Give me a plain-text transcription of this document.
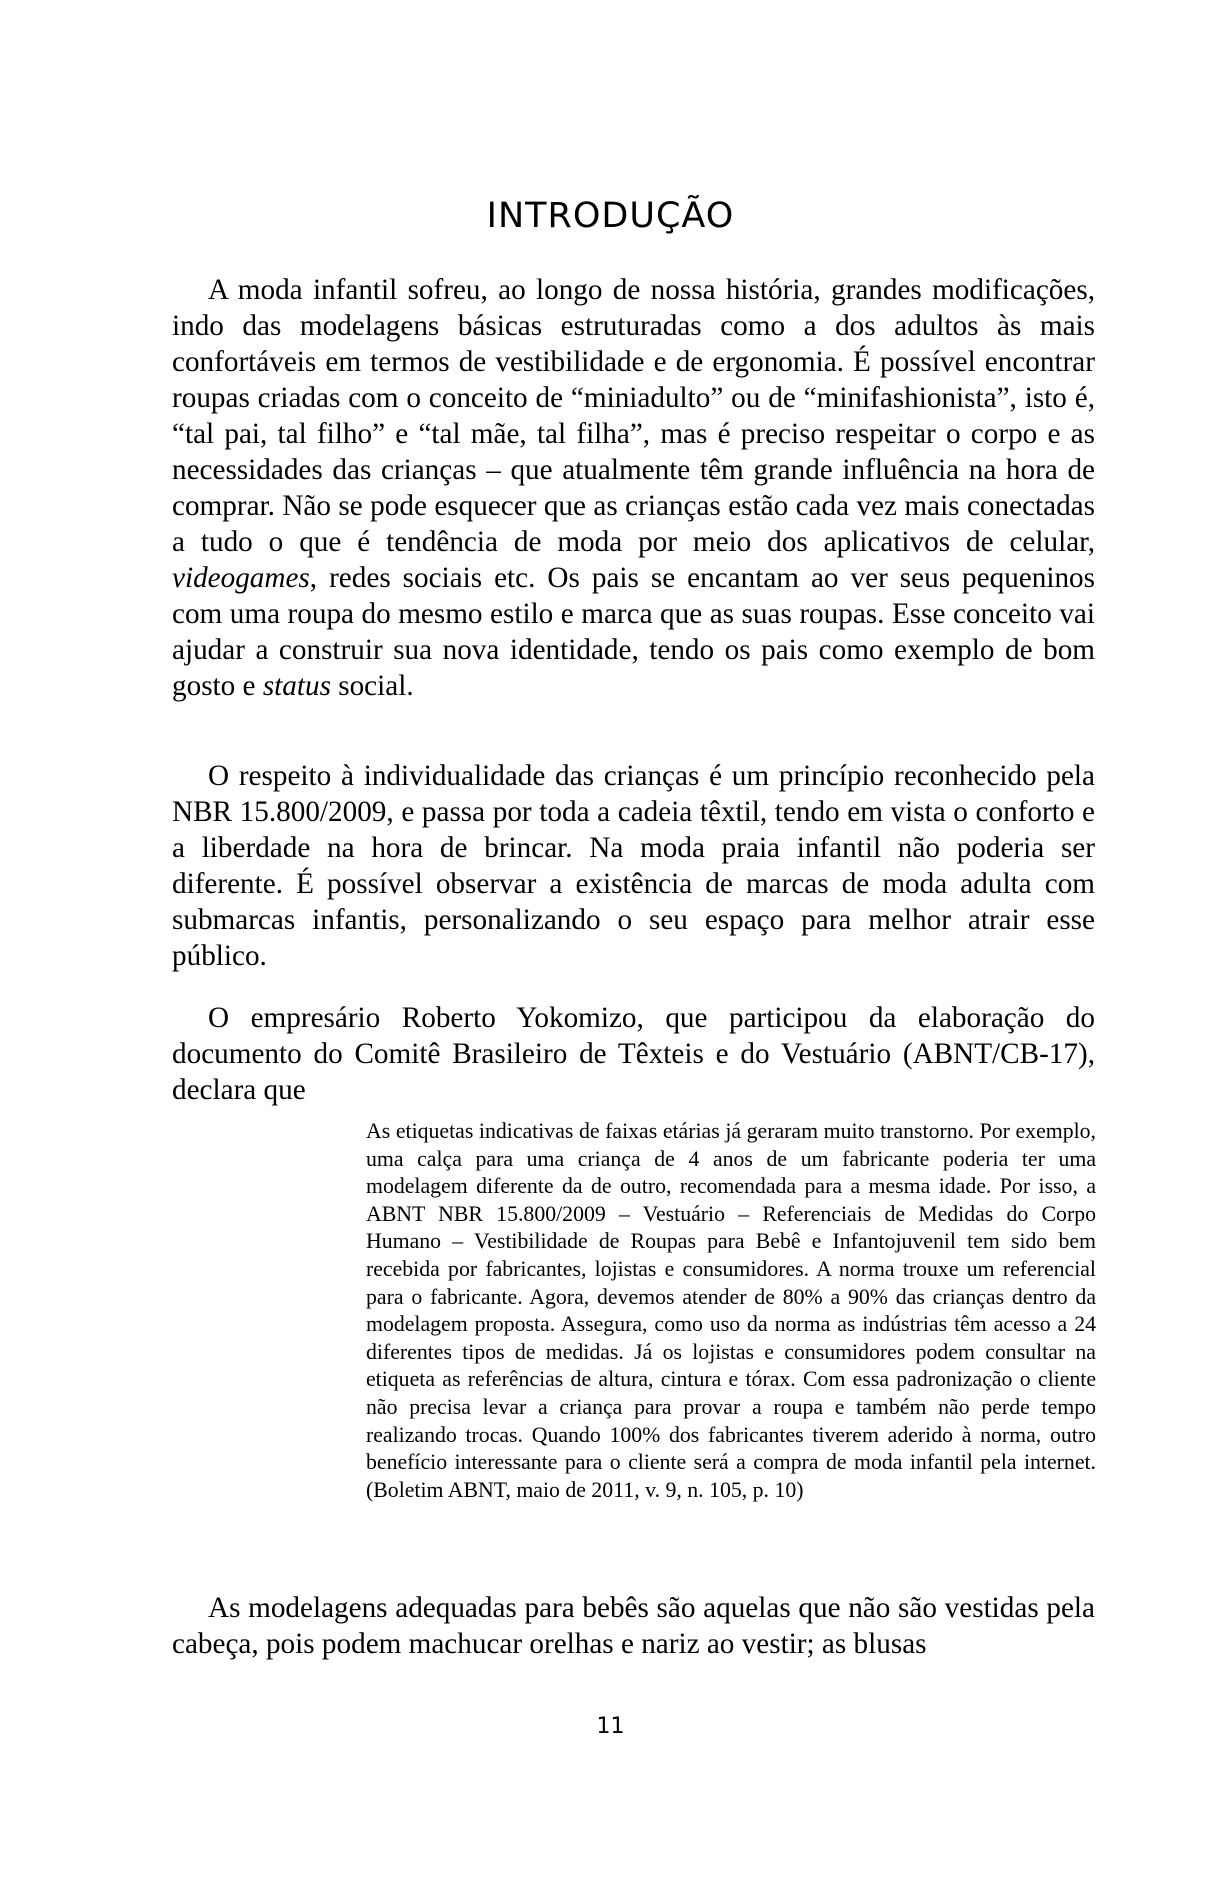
INTRODUÇÃO

A moda infantil sofreu, ao longo de nossa história, grandes modificações, indo das modelagens básicas estruturadas como a dos adultos às mais confortáveis em termos de vestibilidade e de ergonomia. É possível encontrar roupas criadas com o conceito de “miniadulto” ou de “minifashionista”, isto é, “tal pai, tal filho” e “tal mãe, tal filha”, mas é preciso respeitar o corpo e as necessidades das crianças – que atualmente têm grande influência na hora de comprar. Não se pode esquecer que as crianças estão cada vez mais conectadas a tudo o que é tendência de moda por meio dos aplicativos de celular, videogames, redes sociais etc. Os pais se encantam ao ver seus pequeninos com uma roupa do mesmo estilo e marca que as suas roupas. Esse conceito vai ajudar a construir sua nova identidade, tendo os pais como exemplo de bom gosto e status social.

O respeito à individualidade das crianças é um princípio reconhecido pela NBR 15.800/2009, e passa por toda a cadeia têxtil, tendo em vista o conforto e a liberdade na hora de brincar. Na moda praia infantil não poderia ser diferente. É possível observar a existência de marcas de moda adulta com submarcas infantis, personalizando o seu espaço para melhor atrair esse público.

O empresário Roberto Yokomizo, que participou da elaboração do documento do Comitê Brasileiro de Têxteis e do Vestuário (ABNT/CB-17), declara que

As etiquetas indicativas de faixas etárias já geraram muito transtorno. Por exemplo, uma calça para uma criança de 4 anos de um fabricante poderia ter uma modelagem diferente da de outro, recomendada para a mesma idade. Por isso, a ABNT NBR 15.800/2009 – Vestuário – Referenciais de Medidas do Corpo Humano – Vestibilidade de Roupas para Bebê e Infantojuvenil tem sido bem recebida por fabricantes, lojistas e consumidores. A norma trouxe um referencial para o fabricante. Agora, devemos atender de 80% a 90% das crianças dentro da modelagem proposta. Assegura, como uso da norma as indústrias têm acesso a 24 diferentes tipos de medidas. Já os lojistas e consumidores podem consultar na etiqueta as referências de altura, cintura e tórax. Com essa padronização o cliente não precisa levar a criança para provar a roupa e também não perde tempo realizando trocas. Quando 100% dos fabricantes tiverem aderido à norma, outro benefício interessante para o cliente será a compra de moda infantil pela internet.(Boletim ABNT, maio de 2011, v. 9, n. 105, p. 10)

As modelagens adequadas para bebês são aquelas que não são vestidas pela cabeça, pois podem machucar orelhas e nariz ao vestir; as blusas

11
